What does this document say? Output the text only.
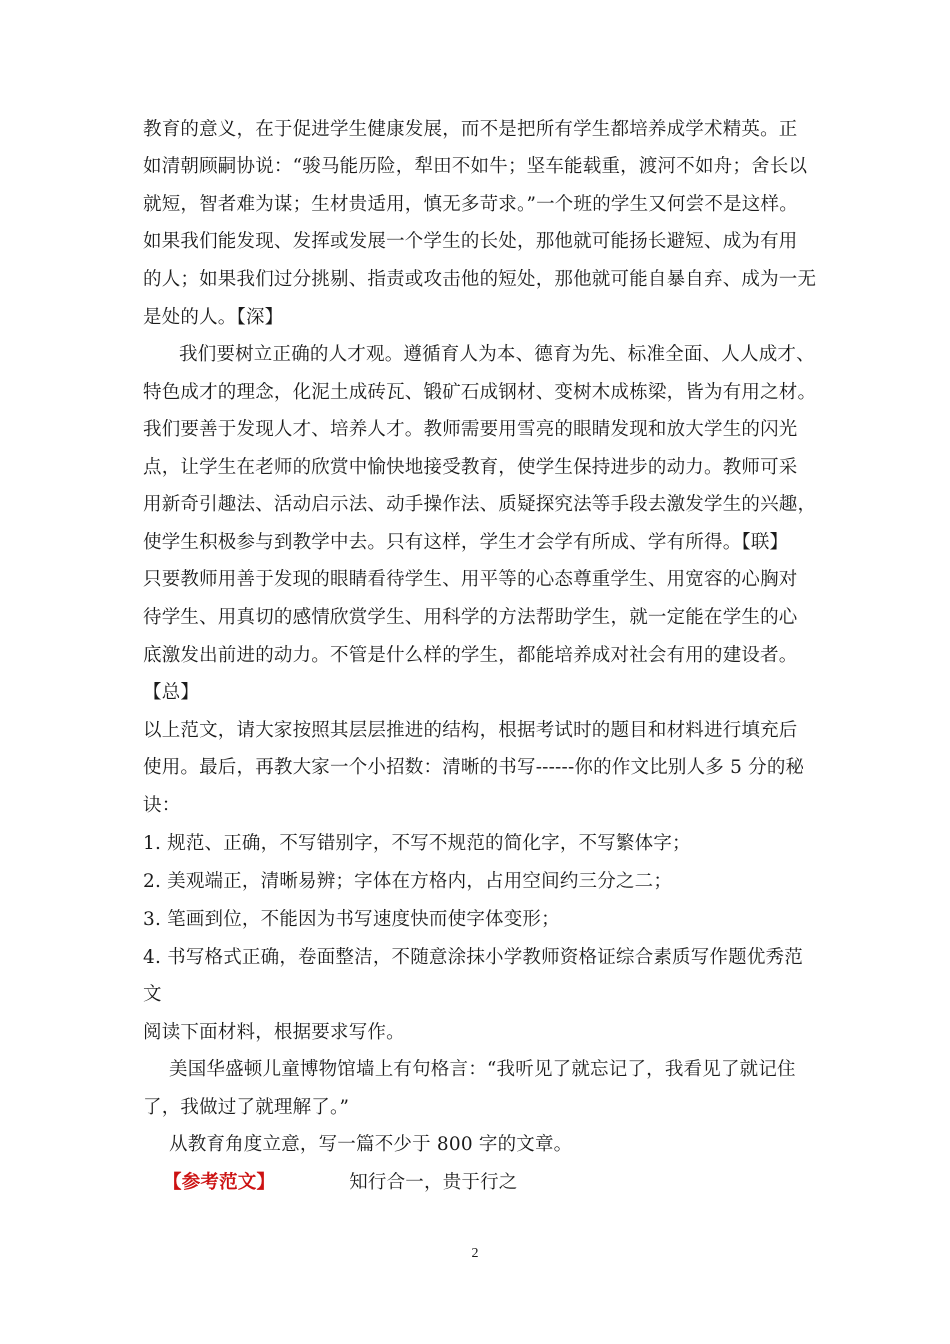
教育的意义，在于促进学生健康发展，而不是把所有学生都培养成学术精英。正
如清朝顾嗣协说：“骏马能历险，犁田不如牛；坚车能载重，渡河不如舟；舍长以
就短，智者难为谋；生材贵适用，慎无多苛求。”一个班的学生又何尝不是这样。
如果我们能发现、发挥或发展一个学生的长处，那他就可能扬长避短、成为有用
的人；如果我们过分挑剔、指责或攻击他的短处，那他就可能自暴自弃、成为一无
是处的人。【深】
我们要树立正确的人才观。遵循育人为本、德育为先、标准全面、人人成才、
特色成才的理念，化泥土成砖瓦、锻矿石成钢材、变树木成栋梁，皆为有用之材。
我们要善于发现人才、培养人才。教师需要用雪亮的眼睛发现和放大学生的闪光
点，让学生在老师的欣赏中愉快地接受教育，使学生保持进步的动力。教师可采
用新奇引趣法、活动启示法、动手操作法、质疑探究法等手段去激发学生的兴趣，
使学生积极参与到教学中去。只有这样，学生才会学有所成、学有所得。【联】
只要教师用善于发现的眼睛看待学生、用平等的心态尊重学生、用宽容的心胸对
待学生、用真切的感情欣赏学生、用科学的方法帮助学生，就一定能在学生的心
底激发出前进的动力。不管是什么样的学生，都能培养成对社会有用的建设者。
【总】
以上范文，请大家按照其层层推进的结构，根据考试时的题目和材料进行填充后
使用。最后，再教大家一个小招数：清晰的书写------你的作文比别人多 5 分的秘
诀：
1. 规范、正确，不写错别字，不写不规范的简化字，不写繁体字；
2. 美观端正，清晰易辨；字体在方格内，占用空间约三分之二；
3. 笔画到位，不能因为书写速度快而使字体变形；
4. 书写格式正确，卷面整洁，不随意涂抹小学教师资格证综合素质写作题优秀范
文
阅读下面材料，根据要求写作。
美国华盛顿儿童博物馆墙上有句格言：“我听见了就忘记了，我看见了就记住
了，我做过了就理解了。”
从教育角度立意，写一篇不少于 800 字的文章。
【参考范文】	知行合一，贵于行之
2
